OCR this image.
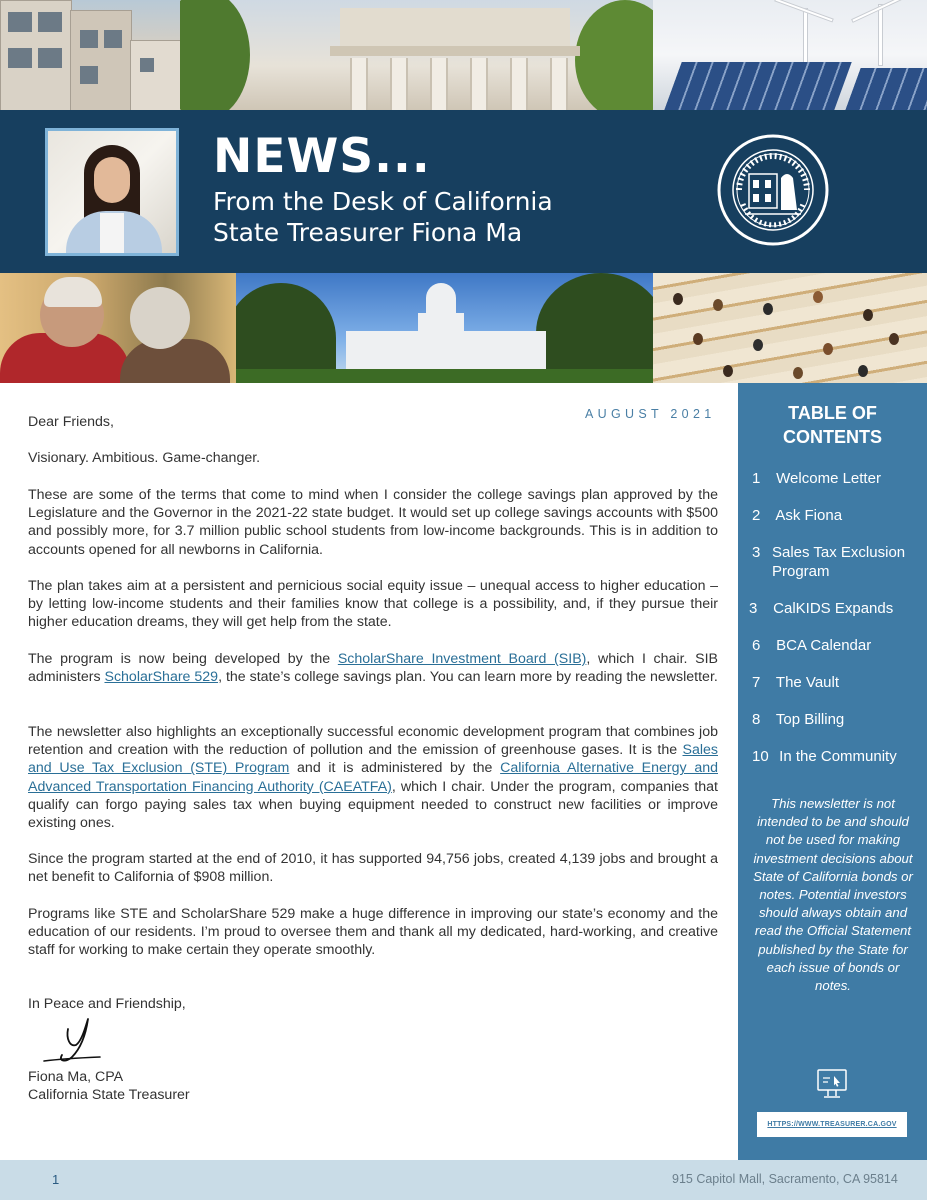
NEWS...
From the Desk of California
State Treasurer Fiona Ma
AUGUST 2021
Dear Friends,
Visionary. Ambitious. Game-changer.
These are some of the terms that come to mind when I consider the college savings plan approved by the Legislature and the Governor in the 2021-22 state budget. It would set up college savings accounts with $500 and possibly more, for 3.7 million public school students from low-income backgrounds. This is in addition to accounts opened for all newborns in California.
The plan takes aim at a persistent and pernicious social equity issue – unequal access to higher education – by letting low-income students and their families know that college is a possibility, and, if they pursue their higher education dreams, they will get help from the state.
The program is now being developed by the ScholarShare Investment Board (SIB), which I chair. SIB administers ScholarShare 529, the state’s college savings plan. You can learn more by reading the newsletter.
The newsletter also highlights an exceptionally successful economic development program that combines job retention and creation with the reduction of pollution and the emission of greenhouse gases. It is the Sales and Use Tax Exclusion (STE) Program and it is administered by the California Alternative Energy and Advanced Transportation Financing Authority (CAEATFA), which I chair. Under the program, companies that qualify can forgo paying sales tax when buying equipment needed to construct new facilities or improve existing ones.
Since the program started at the end of 2010, it has supported 94,756 jobs, created 4,139 jobs and brought a net benefit to California of $908 million.
Programs like STE and ScholarShare 529 make a huge difference in improving our state’s economy and the education of our residents. I’m proud to oversee them and thank all my dedicated, hard-working, and creative staff for working to make certain they operate smoothly.
In Peace and Friendship,
Fiona Ma, CPA
California State Treasurer
TABLE OF
CONTENTS
1 Welcome Letter
2 Ask Fiona
3 Sales Tax Exclusion Program
3 CalKIDS Expands
6 BCA Calendar
7 The Vault
8 Top Billing
10 In the Community
This newsletter is not intended to be and should not be used for making investment decisions about State of California bonds or notes. Potential investors should always obtain and read the Official Statement published by the State for each issue of bonds or notes.
HTTPS://WWW.TREASURER.CA.GOV
1	915 Capitol Mall, Sacramento, CA 95814
